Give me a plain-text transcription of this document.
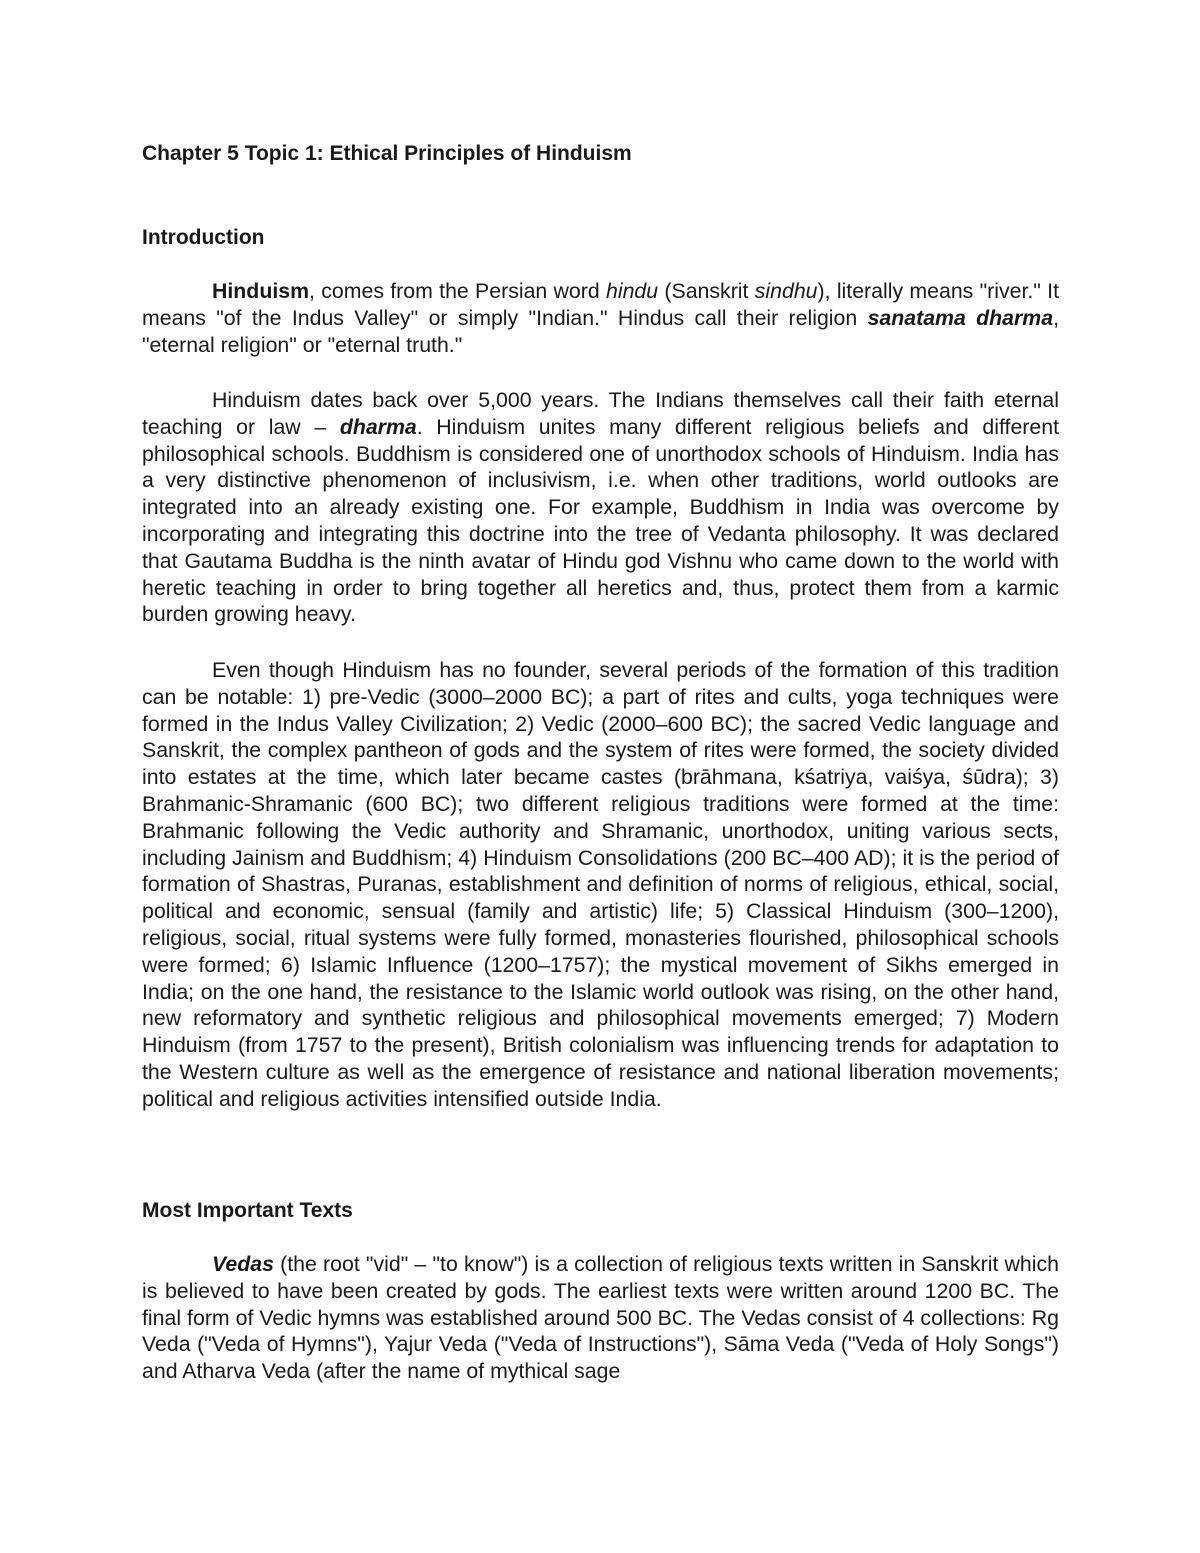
Chapter 5 Topic 1: Ethical Principles of Hinduism
Introduction

Hinduism, comes from the Persian word hindu (Sanskrit sindhu), literally means "river." It means "of the Indus Valley" or simply "Indian." Hindus call their religion sanatama dharma, "eternal religion" or "eternal truth."

Hinduism dates back over 5,000 years. The Indians themselves call their faith eternal teaching or law – dharma. Hinduism unites many different religious beliefs and different philosophical schools. Buddhism is considered one of unorthodox schools of Hinduism. India has a very distinctive phenomenon of inclusivism, i.e. when other traditions, world outlooks are integrated into an already existing one. For example, Buddhism in India was overcome by incorporating and integrating this doctrine into the tree of Vedanta philosophy. It was declared that Gautama Buddha is the ninth avatar of Hindu god Vishnu who came down to the world with heretic teaching in order to bring together all heretics and, thus, protect them from a karmic burden growing heavy.

Even though Hinduism has no founder, several periods of the formation of this tradition can be notable: 1) pre-Vedic (3000–2000 BC); a part of rites and cults, yoga techniques were formed in the Indus Valley Civilization; 2) Vedic (2000–600 BC); the sacred Vedic language and Sanskrit, the complex pantheon of gods and the system of rites were formed, the society divided into estates at the time, which later became castes (brāhmana, kśatriya, vaiśya, śūdra); 3) Brahmanic-Shramanic (600 BC); two different religious traditions were formed at the time: Brahmanic following the Vedic authority and Shramanic, unorthodox, uniting various sects, including Jainism and Buddhism; 4) Hinduism Consolidations (200 BC–400 AD); it is the period of formation of Shastras, Puranas, establishment and definition of norms of religious, ethical, social, political and economic, sensual (family and artistic) life; 5) Classical Hinduism (300–1200), religious, social, ritual systems were fully formed, monasteries flourished, philosophical schools were formed; 6) Islamic Influence (1200–1757); the mystical movement of Sikhs emerged in India; on the one hand, the resistance to the Islamic world outlook was rising, on the other hand, new reformatory and synthetic religious and philosophical movements emerged; 7) Modern Hinduism (from 1757 to the present), British colonialism was influencing trends for adaptation to the Western culture as well as the emergence of resistance and national liberation movements; political and religious activities intensified outside India.

Most Important Texts

Vedas (the root "vid" – "to know") is a collection of religious texts written in Sanskrit which is believed to have been created by gods. The earliest texts were written around 1200 BC. The final form of Vedic hymns was established around 500 BC. The Vedas consist of 4 collections: Rg Veda ("Veda of Hymns"), Yajur Veda ("Veda of Instructions"), Sāma Veda ("Veda of Holy Songs") and Atharva Veda (after the name of mythical sage
